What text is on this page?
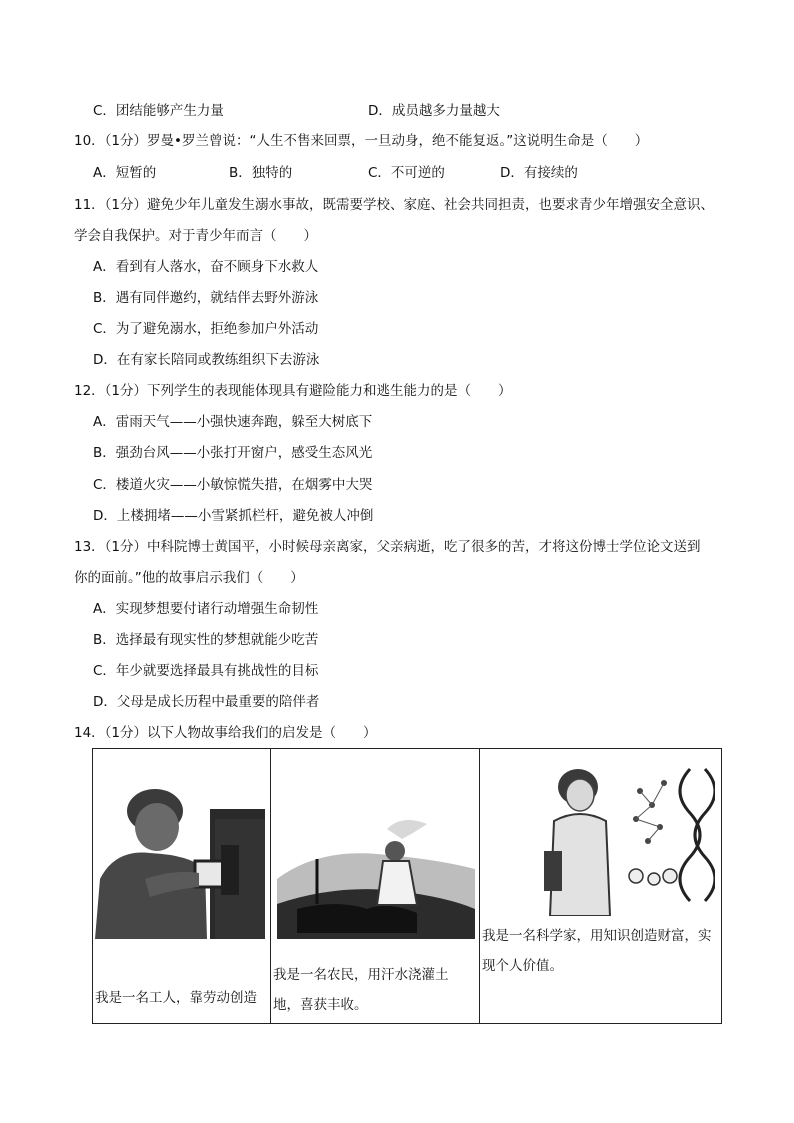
C．团结能够产生力量	D．成员越多力量越大
10．（1分）罗曼•罗兰曾说：“人生不售来回票，一旦动身，绝不能复返。”这说明生命是（　　）
A．短暂的	B．独特的	C．不可逆的	D．有接续的
11．（1分）避免少年儿童发生溺水事故，既需要学校、家庭、社会共同担责，也要求青少年增强安全意识、
学会自我保护。对于青少年而言（　　）
A．看到有人落水，奋不顾身下水救人
B．遇有同伴邀约，就结伴去野外游泳
C．为了避免溺水，拒绝参加户外活动
D．在有家长陪同或教练组织下去游泳
12．（1分）下列学生的表现能体现具有避险能力和逃生能力的是（　　）
A．雷雨天气——小强快速奔跑，躲至大树底下
B．强劲台风——小张打开窗户，感受生态风光
C．楼道火灾——小敏惊慌失措，在烟雾中大哭
D．上楼拥堵——小雪紧抓栏杆，避免被人冲倒
13．（1分）中科院博士黄国平，小时候母亲离家，父亲病逝，吃了很多的苦，才将这份博士学位论文送到
你的面前。”他的故事启示我们（　　）
A．实现梦想要付诸行动增强生命韧性
B．选择最有现实性的梦想就能少吃苦
C．年少就要选择最具有挑战性的目标
D．父母是成长历程中最重要的陪伴者
14．（1分）以下人物故事给我们的启发是（　　）
我是一名工人，靠劳动创造

我是一名农民，用汗水浇灌土地，喜获丰收。

我是一名科学家，用知识创造财富，实现个人价值。
